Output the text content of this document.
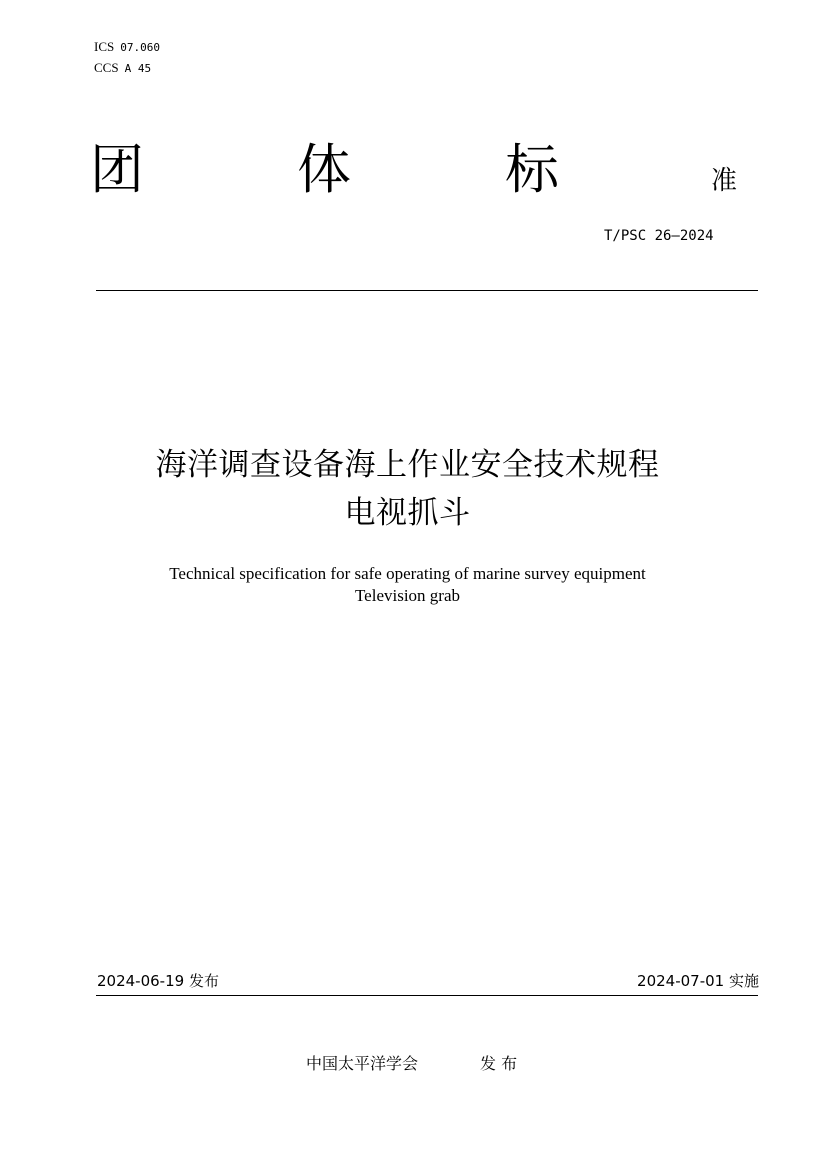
ICS 07.060
CCS A 45
团	体	标	准
T/PSC 26—2024
海洋调查设备海上作业安全技术规程
电视抓斗
Technical specification for safe operating of marine survey equipment
Television grab
2024-06-19 发布	2024-07-01 实施
中国太平洋学会	发 布
